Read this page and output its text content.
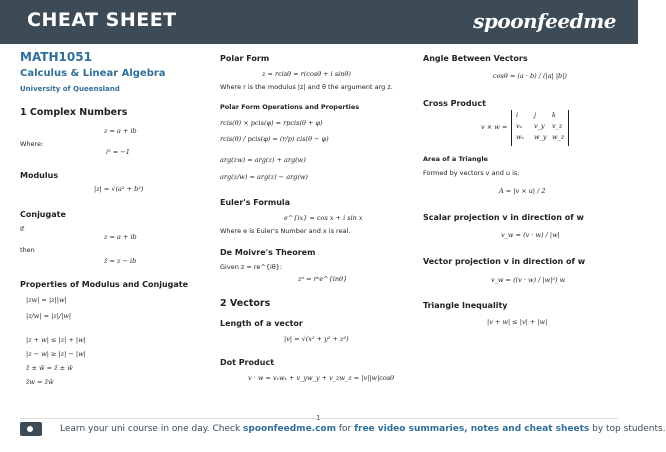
CHEAT SHEET	spoonfeedme
MATH1051
Calculus & Linear Algebra
University of Queensland
1 Complex Numbers
z = a + ib
Where:
i² = −1
Modulus
|z| = √(a² + b²)
Conjugate
If
z = a + ib
then
z̄ = z − ib
Properties of Modulus and Conjugate
|zw| = |z||w|
|z/w| = |z|/|w|
|z + w| ≤ |z| + |w|
|z − w| ≥ |z| − |w|
z̄ ± w̄ = z̄ ± w̄
z̄w = z̄w̄
Polar Form
z = rcisθ = r(cosθ + i sinθ)
Where r is the modulus |z| and θ the argument arg z.
Polar Form Operations and Properties
rcis(θ) × pcis(φ) = rpcis(θ + φ)
rcis(θ) / pcis(φ) = (r/p) cis(θ − φ)
arg(zw) = arg(z) + arg(w)
arg(z/w) = arg(z) − arg(w)
Euler's Formula
e^{ix} = cos x + i sin x
Where e is Euler's Number and x is real.
De Moivre's Theorem
Given z = re^{iθ}:
zⁿ = rⁿe^{inθ}
2 Vectors
Length of a vector
|v| = √(x² + y² + z²)
Dot Product
v · w = vₓwₓ + v_yw_y + v_zw_z = |v||w|cosθ
Angle Between Vectors
cosθ = (a · b) / (|a| |b|)
Cross Product
v × w =
i j k
vₓ v_y v_z
wₓ w_y w_z
Area of a Triangle
Formed by vectors v and u is:
A = |v × u| / 2
Scalar projection v in direction of w
v_w = (v · w) / |w|
Vector projection v in direction of w
v_w = ((v · w) / |w|²) w
Triangle Inequality
|v + w| ≤ |v| + |w|
1
Learn your uni course in one day. Check spoonfeedme.com for free video summaries, notes and cheat sheets by top students.
